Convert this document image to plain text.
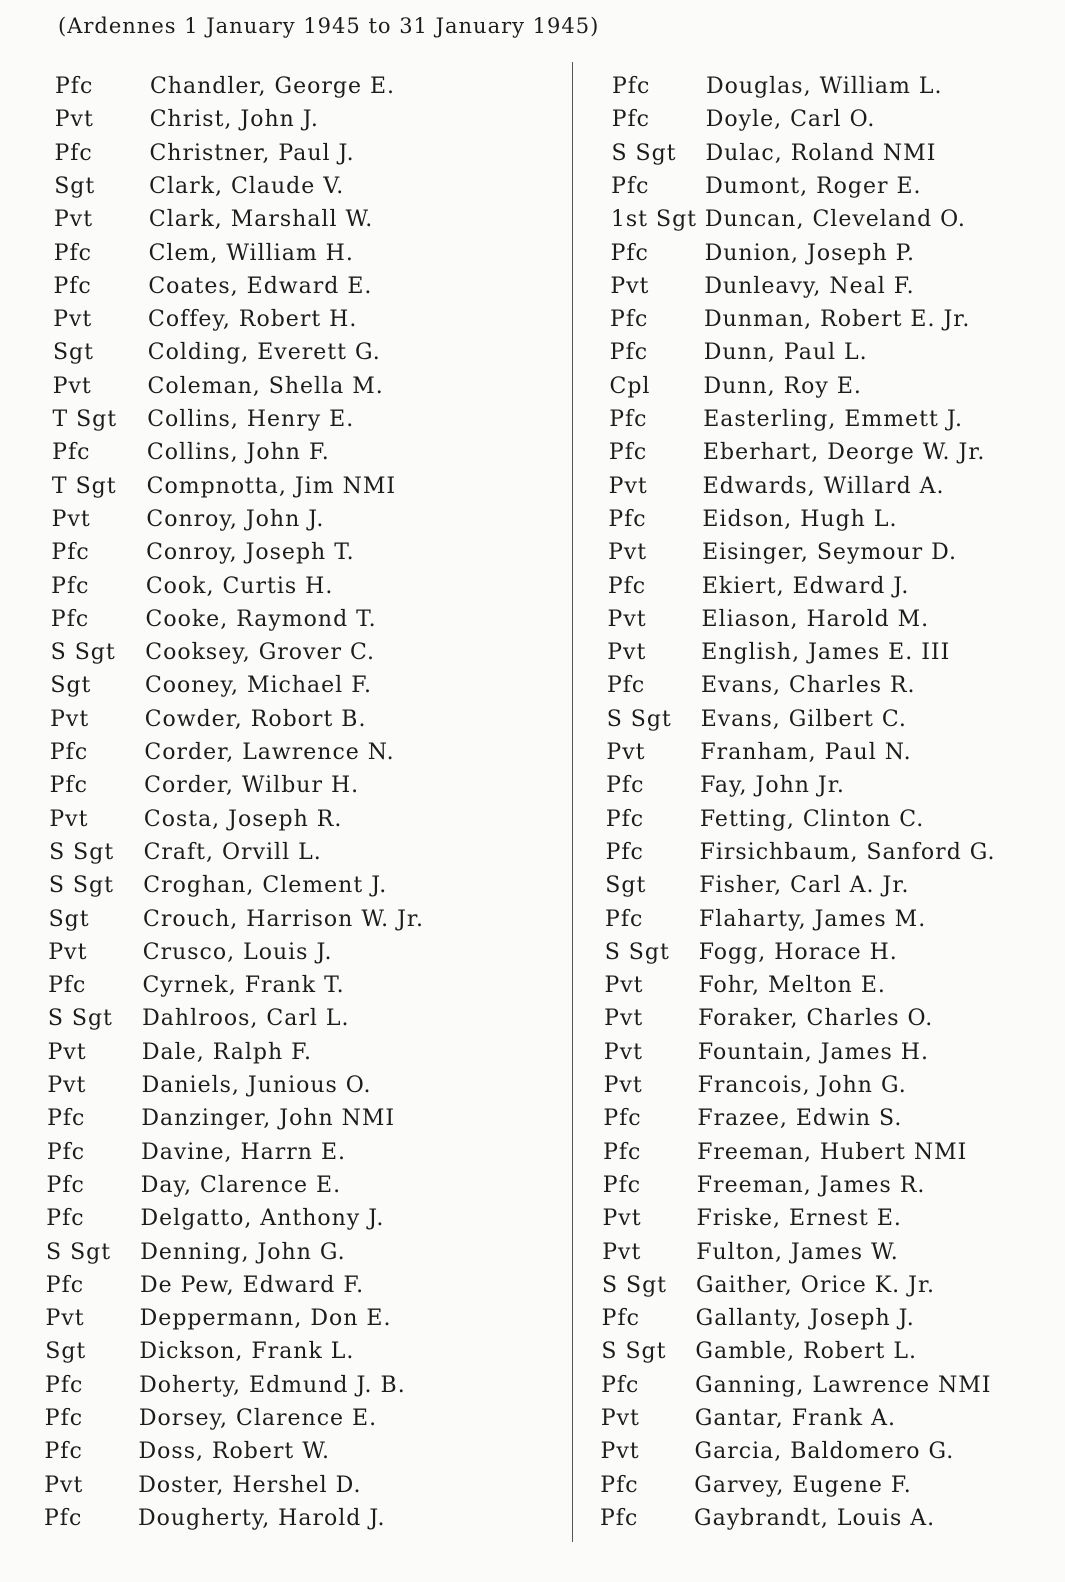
(Ardennes 1 January 1945 to 31 January 1945)
Pfc	Chandler, George E.
Pvt	Christ, John J.
Pfc	Christner, Paul J.
Sgt Clark, Claude V.
Pvt	Clark, Marshall W.
Pfc	Clem, William H.
Pfc	Coates, Edward E.
Pvt	Coffey, Robert H.
Sgt Colding, Everett G.
Pvt	Coleman, Shella M.
T Sgt Collins, Henry E.
Pfc	Collins, John F.
T Sgt Compnotta, Jim NMI
Pvt	Conroy, John J.
Pfc	Conroy, Joseph T.
Pfc	Cook, Curtis H.
Pfc	Cooke, Raymond T.
S Sgt Cooksey, Grover C.
Sgt Cooney, Michael F.
Pvt	Cowder, Robort B.
Pfc	Corder, Lawrence N.
Pfc	Corder, Wilbur H.
Pvt	Costa, Joseph R.
S Sgt Craft, Orvill L.
S Sgt Croghan, Clement J.
Sgt Crouch, Harrison W. Jr.
Pvt	Crusco, Louis J.
Pfc	Cyrnek, Frank T.
S Sgt Dahlroos, Carl L.
Pvt	Dale, Ralph F.
Pvt	Daniels, Junious O.
Pfc	Danzinger, John NMI
Pfc	Davine, Harrn E.
Pfc	Day, Clarence E.
Pfc	Delgatto, Anthony J.
S Sgt Denning, John G.
Pfc	De Pew, Edward F.
Pvt	Deppermann, Don E.
Sgt Dickson, Frank L.
Pfc	Doherty, Edmund J. B.
Pfc	Dorsey, Clarence E.
Pfc	Doss, Robert W.
Pvt Doster, Hershel D.
Pfc	Dougherty, Harold J.
Pfc	Douglas, William L.
Pfc	Doyle, Carl O.
S Sgt Dulac, Roland NMI
Pfc	Dumont, Roger E.
1st Sgt Duncan, Cleveland O.
Pfc	Dunion, Joseph P.
Pvt Dunleavy, Neal F.
Pfc	Dunman, Robert E. Jr.
Pfc	Dunn, Paul L.
Cpl Dunn, Roy E.
Pfc	Easterling, Emmett J.
Pfc	Eberhart, Deorge W. Jr.
Pvt Edwards, Willard A.
Pfc	Eidson, Hugh L.
Pvt Eisinger, Seymour D.
Pfc	Ekiert, Edward J.
Pvt Eliason, Harold M.
Pvt English, James E. III
Pfc	Evans, Charles R.
S Sgt Evans, Gilbert C.
Pvt Franham, Paul N.
Pfc	Fay, John Jr.
Pfc	Fetting, Clinton C.
Pfc	Firsichbaum, Sanford G.
Sgt Fisher, Carl A. Jr.
Pfc	Flaharty, James M.
S Sgt Fogg, Horace H.
Pvt Fohr, Melton E.
Pvt Foraker, Charles O.
Pvt Fountain, James H.
Pvt Francois, John G.
Pfc	Frazee, Edwin S.
Pfc	Freeman, Hubert NMI
Pfc	Freeman, James R.
Pvt Friske, Ernest E.
Pvt Fulton, James W.
S Sgt Gaither, Orice K. Jr.
Pfc	Gallanty, Joseph J.
S Sgt Gamble, Robert L.
Pfc	Ganning, Lawrence NMI
Pvt Gantar, Frank A.
Pvt Garcia, Baldomero G.
Pfc	Garvey, Eugene F.
Pfc	Gaybrandt, Louis A.
